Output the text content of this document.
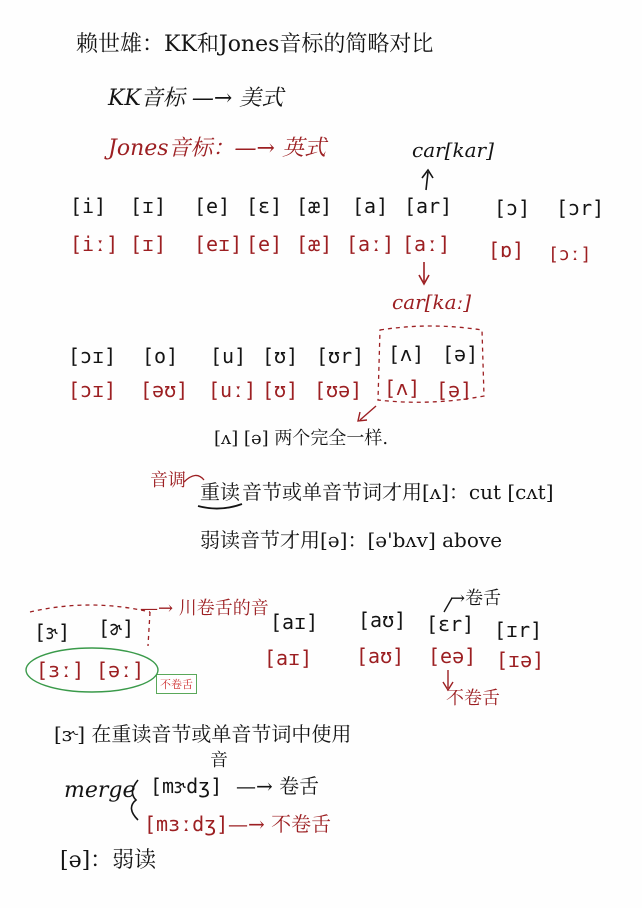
赖世雄：KK和Jones音标的简略对比
KK音标 —→ 美式
Jones音标：—→ 英式	car[kar]
car[kaː]
[i] [ɪ] [e] [ɛ] [æ] [a] [ar] [ɔ] [ɔr]
[iː] [ɪ] [eɪ] [e] [æ] [aː] [aː] [ɒ] [ɔː]
[ɔɪ] [o] [u] [ʊ] [ʊr] [ʌ] [ə]
[ɔɪ] [əʊ] [uː] [ʊ] [ʊə] [ʌ] [ə]
[ʌ] [ə] 两个完全一样.
音调 重读 音节或单音节词才用[ʌ]：cut [cʌt]
弱读音节才用[ə]：[ə'bʌv] above
[ɝ] [ɚ]
—→ 川卷舌的音
[aɪ] [aʊ] [ɛr] [ɪr]
→卷舌
[ɜː] [əː]	[aɪ] [aʊ] [eə] [ɪə]
不卷舌
不卷舌
[ɝ] 在重读音节或单音节词中使用
音
merge [mɝdʒ] —→ 卷舌
[mɜːdʒ] —→ 不卷舌
[ə]：弱读
